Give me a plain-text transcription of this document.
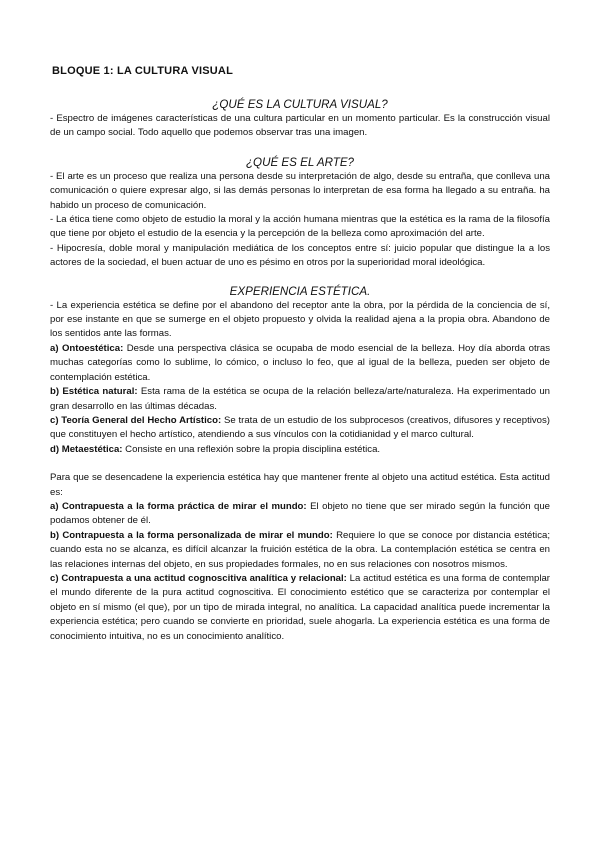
BLOQUE 1: LA CULTURA VISUAL
¿QUÉ ES LA CULTURA VISUAL?

- Espectro de imágenes características de una cultura particular en un momento particular. Es la construcción visual de un campo social. Todo aquello que podemos observar tras una imagen.

¿QUÉ ES EL ARTE?

- El arte es un proceso que realiza una persona desde su interpretación de algo, desde su entraña, que conlleva una comunicación o quiere expresar algo, si las demás personas lo interpretan de esa forma ha llegado a su entraña. ha habido un proceso de comunicación.

- La ética tiene como objeto de estudio la moral y la acción humana mientras que la estética es la rama de la filosofía que tiene por objeto el estudio de la esencia y la percepción de la belleza como aproximación del arte.

- Hipocresía, doble moral y manipulación mediática de los conceptos entre sí: juicio popular que distingue la a los actores de la sociedad, el buen actuar de uno es pésimo en otros por la superioridad moral ideológica.

EXPERIENCIA ESTÉTICA.

- La experiencia estética se define por el abandono del receptor ante la obra, por la pérdida de la conciencia de sí, por ese instante en que se sumerge en el objeto propuesto y olvida la realidad ajena a la propia obra. Abandono de los sentidos ante las formas.

a) Ontoestética: Desde una perspectiva clásica se ocupaba de modo esencial de la belleza. Hoy día aborda otras muchas categorías como lo sublime, lo cómico, o incluso lo feo, que al igual de la belleza, pueden ser objeto de contemplación estética.

b) Estética natural: Esta rama de la estética se ocupa de la relación belleza/arte/naturaleza. Ha experimentado un gran desarrollo en las últimas décadas.

c) Teoría General del Hecho Artístico: Se trata de un estudio de los subprocesos (creativos, difusores y receptivos) que constituyen el hecho artístico, atendiendo a sus vínculos con la cotidianidad y el marco cultural.

d) Metaestética: Consiste en una reflexión sobre la propia disciplina estética.

Para que se desencadene la experiencia estética hay que mantener frente al objeto una actitud estética. Esta actitud es:

a) Contrapuesta a la forma práctica de mirar el mundo: El objeto no tiene que ser mirado según la función que podamos obtener de él.

b) Contrapuesta a la forma personalizada de mirar el mundo: Requiere lo que se conoce por distancia estética; cuando esta no se alcanza, es difícil alcanzar la fruición estética de la obra. La contemplación estética se centra en las relaciones internas del objeto, en sus propiedades formales, no en sus relaciones con nosotros mismos.

c) Contrapuesta a una actitud cognoscitiva analítica y relacional: La actitud estética es una forma de contemplar el mundo diferente de la pura actitud cognoscitiva. El conocimiento estético que se caracteriza por contemplar el objeto en sí mismo (el que), por un tipo de mirada integral, no analítica. La capacidad analítica puede incrementar la experiencia estética; pero cuando se convierte en prioridad, suele ahogarla. La experiencia estética es una forma de conocimiento intuitiva, no es un conocimiento analítico.
